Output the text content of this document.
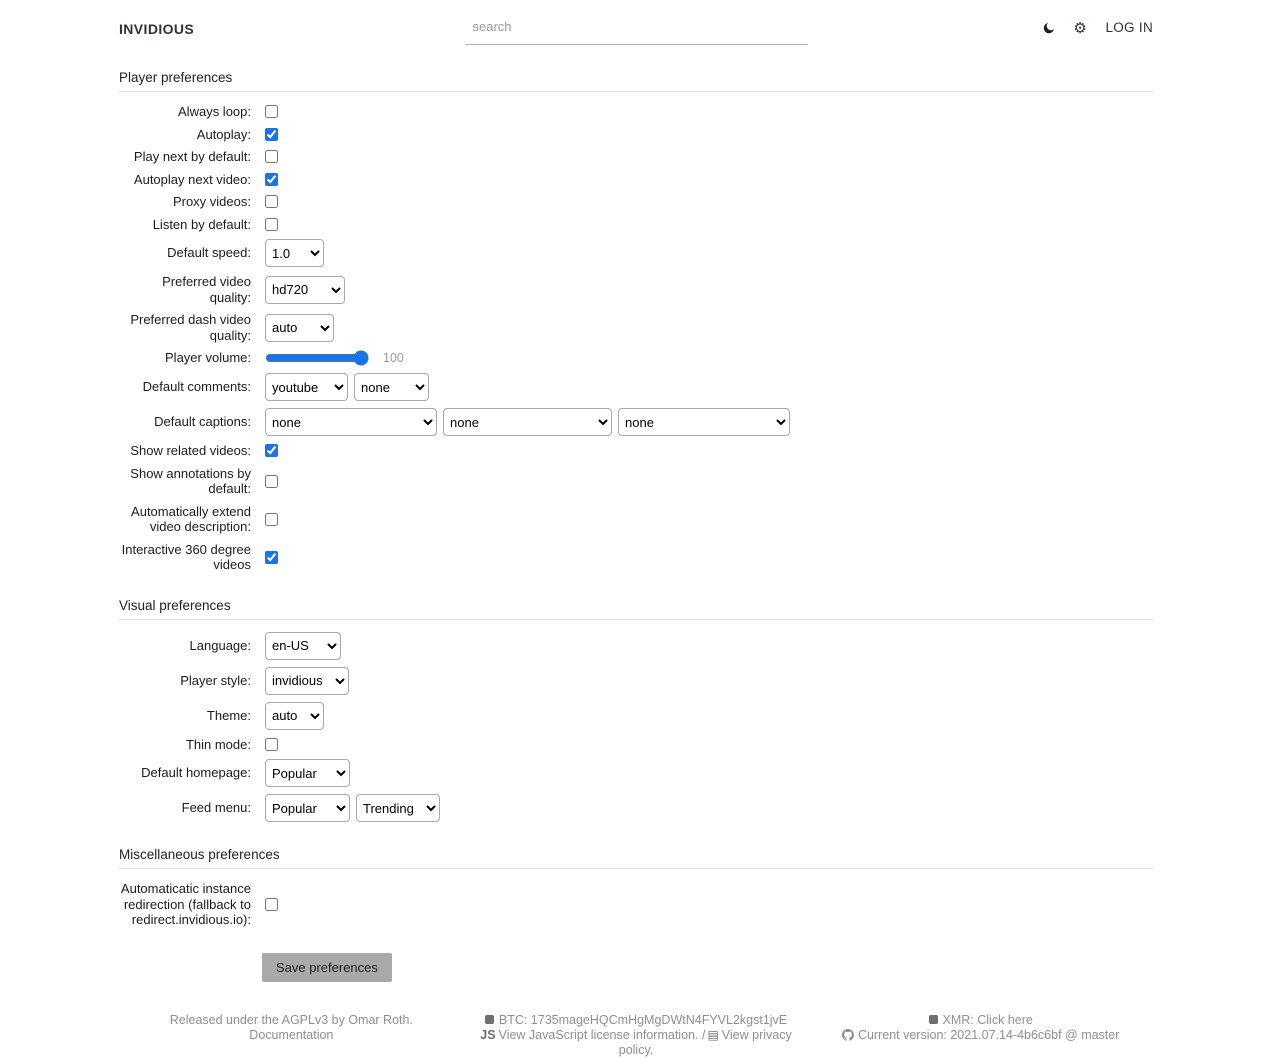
INVIDIOUS
search	⚙ LOG IN
Player preferences
Always loop:
Autoplay:
Play next by default:
Autoplay next video:
Proxy videos:
Listen by default:
Default speed:
1.0
Preferred video quality:
hd720
Preferred dash video quality:
auto
Player volume:	100
Default comments:
youtube
none
Default captions:
none
none
none
Show related videos:
Show annotations by default:
Automatically extend video description:
Interactive 360 degree videos
Visual preferences
Language:
en-US
Player style:
invidious
Theme:
auto
Thin mode:
Default homepage:
Popular
Feed menu:
Popular
Trending
Miscellaneous preferences
Automaticatic instance redirection (fallback to redirect.invidious.io):
Save preferences
Released under the AGPLv3 by Omar Roth.
Documentation
BTC: 1735mageHQCmHgMgDWtN4FYVL2kgst1jvE
JS View JavaScript license information. / ▤ View privacy policy.
XMR: Click here
Current version: 2021.07.14-4b6c6bf @ master
